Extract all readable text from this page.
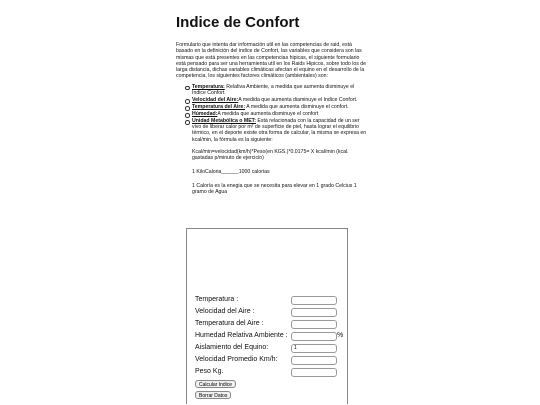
Indice de Confort

Formulario que intenta dar información util en las competencias de raid, está basado en la definición del indice de Confort, las variables que considera son las mismas que está presentes en las competencias hipicas, el siguiente formulario está pensado para ser una herramienta util en los Raids Hipicos, sobre todo los de larga distancia, dichas variables climáticas afectan el equino en el desarrollo de la competencia, los siguientes factores climáticos (ambientales) son:

Temperatura: Relativa Ambiente, a medida que aumenta disminuye el Indice Confort.
Velocidad del Aire:A medida que aumenta diaminuye el Indice Confort.
Temperatura del Aire: A medida que aumenta disminuye el confort.
Húmedad:A medida que aumenta disminuye el confort
Unidad Metabólica o MET: Está relacionada con la capacidad de un ser vivo de liberar calor por m² de superficie de piel, hasta lograr el equilibrio térmico, en el deporte existe otra forma de calcular, la misma se expresa en kcal/min, la fórmula es la siguiente:

Kcal/min=velocidad(km/h)*Peso(en KGS.)*0.0175= X kcal/min (kcal. gastadas p/minuto de ejercicio)

1 KiloCaloria______1000 calorias

1 Caloría es la enegia que se necesita para elevar en 1 grado Celcius 1 gramo de Agua

Temperatura :
Velocidad del Aire :
Temperatura del Aire :
Humedad Relativa Ambiente :	%
Aislamiento del Equino:
1
Velocidad Promedio Km/h:
Peso Kg.
Calcular Indice
Borrar Datos
